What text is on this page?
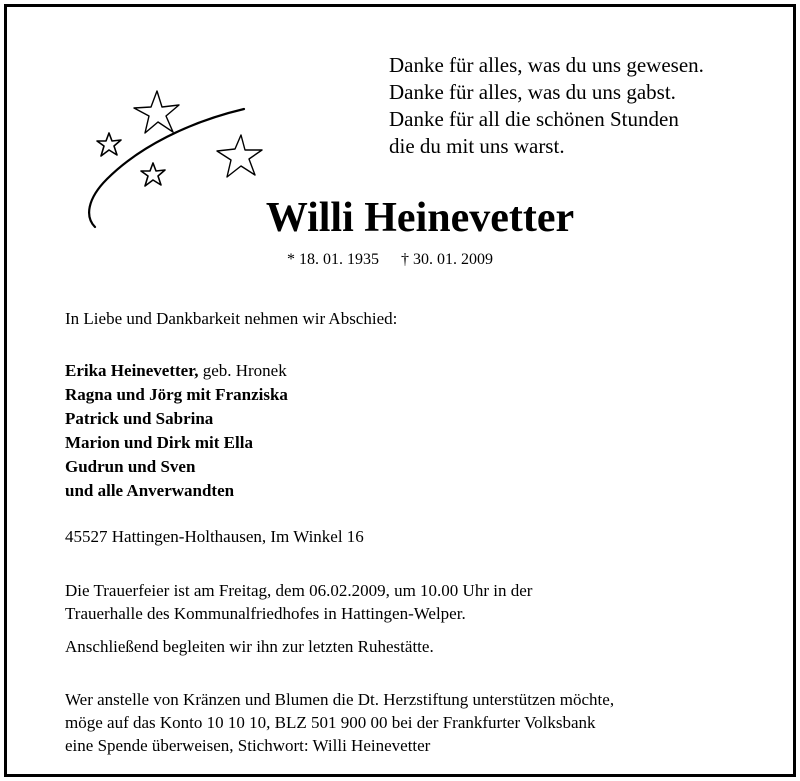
Danke für alles, was du uns gewesen.
Danke für alles, was du uns gabst.
Danke für all die schönen Stunden
die du mit uns warst.
Willi Heinevetter
* 18. 01. 1935 † 30. 01. 2009
In Liebe und Dankbarkeit nehmen wir Abschied:
Erika Heinevetter, geb. Hronek
Ragna und Jörg mit Franziska
Patrick und Sabrina
Marion und Dirk mit Ella
Gudrun und Sven
und alle Anverwandten
45527 Hattingen-Holthausen, Im Winkel 16
Die Trauerfeier ist am Freitag, dem 06.02.2009, um 10.00 Uhr in der
Trauerhalle des Kommunalfriedhofes in Hattingen-Welper.
Anschließend begleiten wir ihn zur letzten Ruhestätte.
Wer anstelle von Kränzen und Blumen die Dt. Herzstiftung unterstützen möchte,
möge auf das Konto 10 10 10, BLZ 501 900 00 bei der Frankfurter Volksbank
eine Spende überweisen, Stichwort: Willi Heinevetter
